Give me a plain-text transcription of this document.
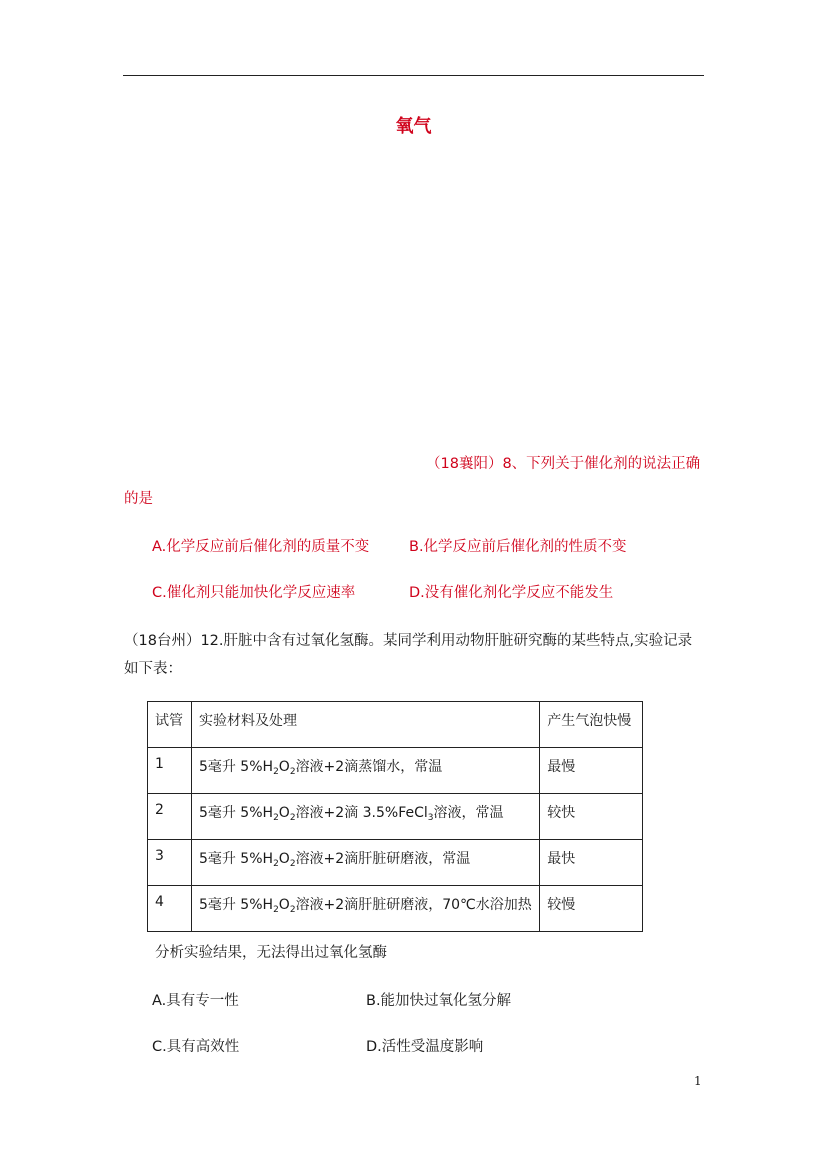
氧气
（18襄阳）8、下列关于催化剂的说法正确
的是
A.化学反应前后催化剂的质量不变	B.化学反应前后催化剂的性质不变
C.催化剂只能加快化学反应速率	D.没有催化剂化学反应不能发生
（18台州）12.肝脏中含有过氧化氢酶。某同学利用动物肝脏研究酶的某些特点,实验记录
如下表：
试管	实验材料及处理	产生气泡快慢
1	5毫升 $5\%H_2O_2$溶液+2滴蒸馏水，常温	最慢
2	5毫升 $5\%H_2O_2$溶液+2滴 3.5%FeCl$_3$溶液，常温	较快
3	5毫升 $5\%H_2O_2$溶液+2滴肝脏研磨液，常温	最快
4	5毫升 $5\%H_2O_2$溶液+2滴肝脏研磨液，70℃水浴加热	较慢
分析实验结果，无法得出过氧化氢酶
A.具有专一性	B.能加快过氧化氢分解
C.具有高效性	D.活性受温度影响
1
